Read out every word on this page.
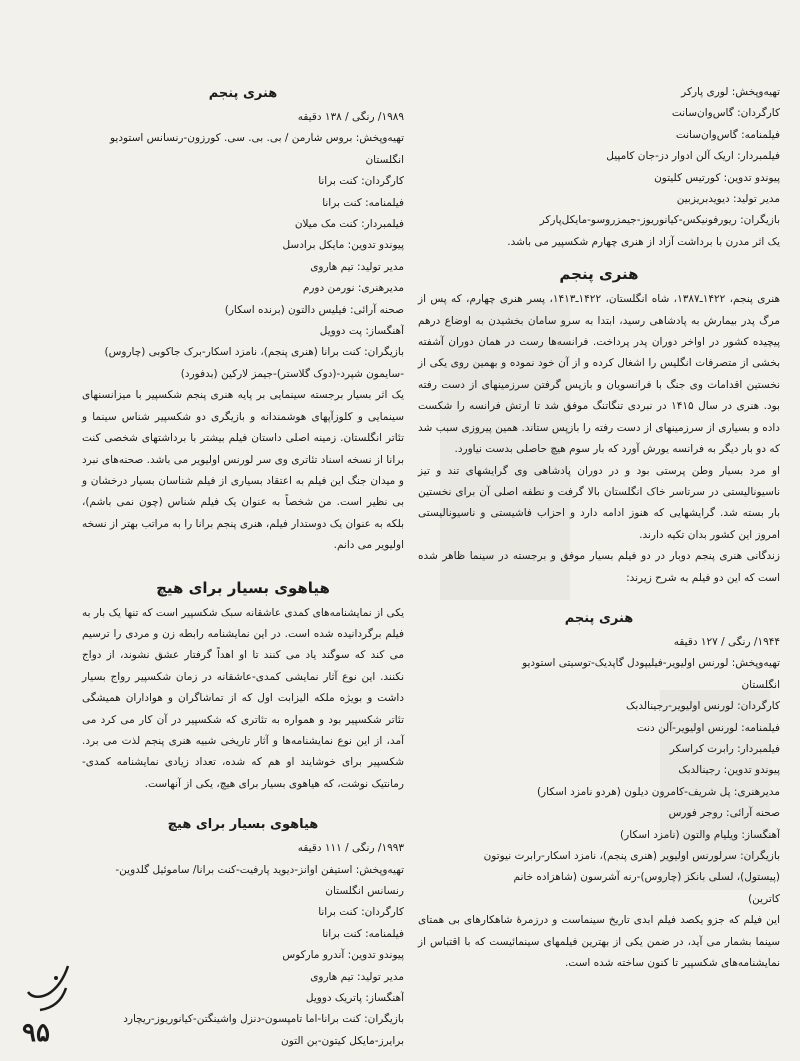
تهیه‌و‌پخش: لوری پارکر
کارگردان: گاس‌وان‌سانت
فیلمنامه: گاس‌وان‌سانت
فیلمبردار: اریک آلن ادوار دز-جان کامپیل
پیوندو تدوین: کورتیس کلیتون
مدیر تولید: دیویدبریزبین
بازیگران: ریورفونیکس-کیانوریوز-جیمزروسو-مایکل‌پارکر
یک اثر مدرن با برداشت آزاد از هنری چهارم شکسپیر می باشد.
هنری پنجم

هنری پنجم، ۱۴۲۲ـ۱۳۸۷، شاه انگلستان، ۱۴۲۲ـ۱۴۱۳، پسر هنری چهارم، که پس از مرگ پدر بیمارش به پادشاهی رسید، ابتدا به سرو سامان بخشیدن به اوضاع درهم پیچیده کشور در اواخر دوران پدر پرداخت. فرانسه‌ها رست در همان دوران آشفته بخشی از متصرفات انگلیس را اشغال کرده‌ و از آن خود نموده و بهمین روی یکی از نخستین اقدامات وی جنگ با فرانسویان و بازپس گرفتن سرزمینهای از دست رفته بود. هنری در سال ۱۴۱۵ در نبردی تنگاتنگ موفق شد تا ارتش فرانسه را شکست داده و بسیاری از سرزمینهای از دست رفته را بازپس ستاند. همین پیروزی سبب شد که دو بار دیگر به فرانسه یورش آورد که بار سوم هیچ حاصلی بدست نیاورد.

او مرد بسیار وطن پرستی بود و در دوران پادشاهی وی گرایشهای تند و تیز ناسیونالیستی در سرتاسر خاک انگلستان بالا گرفت و نطفه اصلی آن برای نخستین بار بسته شد. گرایشهایی که هنوز ادامه دارد و احزاب فاشیستی و ناسیونالیستی امروز این کشور بدان تکیه دارند.

زندگانی هنری پنجم دوبار در دو فیلم بسیار موفق و برجسته در سینما ظاهر شده است که این دو فیلم به شرح زیرند:

هنری پنجم
۱۹۴۴/ رنگی / ۱۲۷ دقیقه
تهیه‌وپخش: لورنس اولیویر-فیلیپودل گاپدیک-توسیتی استودیو
انگلستان
کارگردان: لورنس اولیویر-رجینالدبک
فیلمنامه: لورنس اولیویر-آلن دنت
فیلمبردار: رابرت کراسکر
پیوندو تدوین: رجینالدبک
مدیرهنری: پل شریف-کامرون دیلون (هردو نامزد اسکار)
صحنه آرائی: روجر فورس
آهنگساز: ویلیام والتون (نامزد اسکار)
بازیگران: سرلورنس اولیویر (هنری پنجم)، نامزد اسکار-رابرت نیوتون
(پیستول)، لسلی بانکز (چاروس)-رنه آشرسون (شاهزاده خانم
کاترین)

این فیلم که جزو یکصد فیلم ابدی تاریخ سینماست و درزمرهٔ شاهکارهای بی همتای سینما بشمار می آید، در ضمن یکی از بهترین فیلمهای سینمائیست که با اقتباس از نمایشنامه‌های شکسپیر تا کنون ساخته شده است.

هنری پنجم
۱۹۸۹/ رنگی / ۱۳۸ دقیقه
تهیه‌وپخش: بروس شارمن / بی. بی. سی. کورزون-رنسانس استودیو
انگلستان
کارگردان: کنت برانا
فیلمنامه: کنت برانا
فیلمبردار: کنت مک میلان
پیوندو تدوین: مایکل برادسل
مدیر تولید: تیم هاروی
مدیرهنری: نورمن دورم
صحنه آرائی: فیلیس دالتون (برنده اسکار)
آهنگساز: پت دوویل
بازیگران: کنت برانا (هنری پنجم)، نامزد اسکار-برک جاکوبی (چاروس)
-سایمون شپرد-(دوک گلاستر)-جیمز لارکین (بدفورد)

یک اثر بسیار برجسته سینمایی بر پایه هنری پنجم شکسپیر با میزانسنهای سینمایی و کلوزآپهای هوشمندانه و بازیگری دو شکسپیر شناس سینما و تئاتر انگلستان. زمینه اصلی داستان فیلم بیشتر با برداشتهای شخصی کنت برانا از نسخه اسناد تئاتری وی سر لورنس اولیویر می باشد. صحنه‌های نبرد و میدان جنگ این فیلم به اعتقاد بسیاری از فیلم شناسان بسیار درخشان و بی نظیر است. من شخصاً به عنوان یک فیلم شناس (چون نمی باشم)، بلکه به عنوان یک دوستدار فیلم، هنری پنجم برانا را به مراتب بهتر از نسخه اولیویر می دانم.

هیاهوی بسیار برای هیچ

یکی از نمایشنامه‌های کمدی عاشقانه سبک شکسپیر است که تنها یک بار به فیلم برگردانیده شده است. در این نمایشنامه رابطه زن و مردی را ترسیم می کند که سوگند یاد می کنند تا او اهداً گرفتار عشق نشوند، از دواج نکنند. این نوع آثار نمایشی کمدی-عاشقانه در زمان شکسپیر رواج بسیار داشت و بویژه ملکه الیزابت اول که از تماشاگران و هواداران همیشگی تئاتر شکسپیر بود و همواره به تئاتری که شکسپیر در آن کار می کرد می آمد، از این نوع نمایشنامه‌ها و آثار تاریخی شبیه هنری پنجم لذت می برد. شکسپیر برای خوشایند او هم که شده، تعداد زیادی نمایشنامه کمدی-رمانتیک نوشت، که هیاهوی بسیار برای هیچ، یکی از آنهاست.

هیاهوی بسیار برای هیچ
۱۹۹۳/ رنگی / ۱۱۱ دقیقه
تهیه‌وپخش: استیفن اوانز-دیوید پارفیت-کنت برانا/ ساموئیل گلدوین-
رنسانس انگلستان
کارگردان: کنت برانا
فیلمنامه: کنت برانا
پیوندو تدوین: آندرو مارکوس
مدیر تولید: تیم هاروی
آهنگساز: پاتریک دوویل
بازیگران: کنت برانا-اما تامپسون-دنزل واشینگتن-کیانوریوز-ریچارد
برایرز-مایکل کیتون-بن التون
۹۵
